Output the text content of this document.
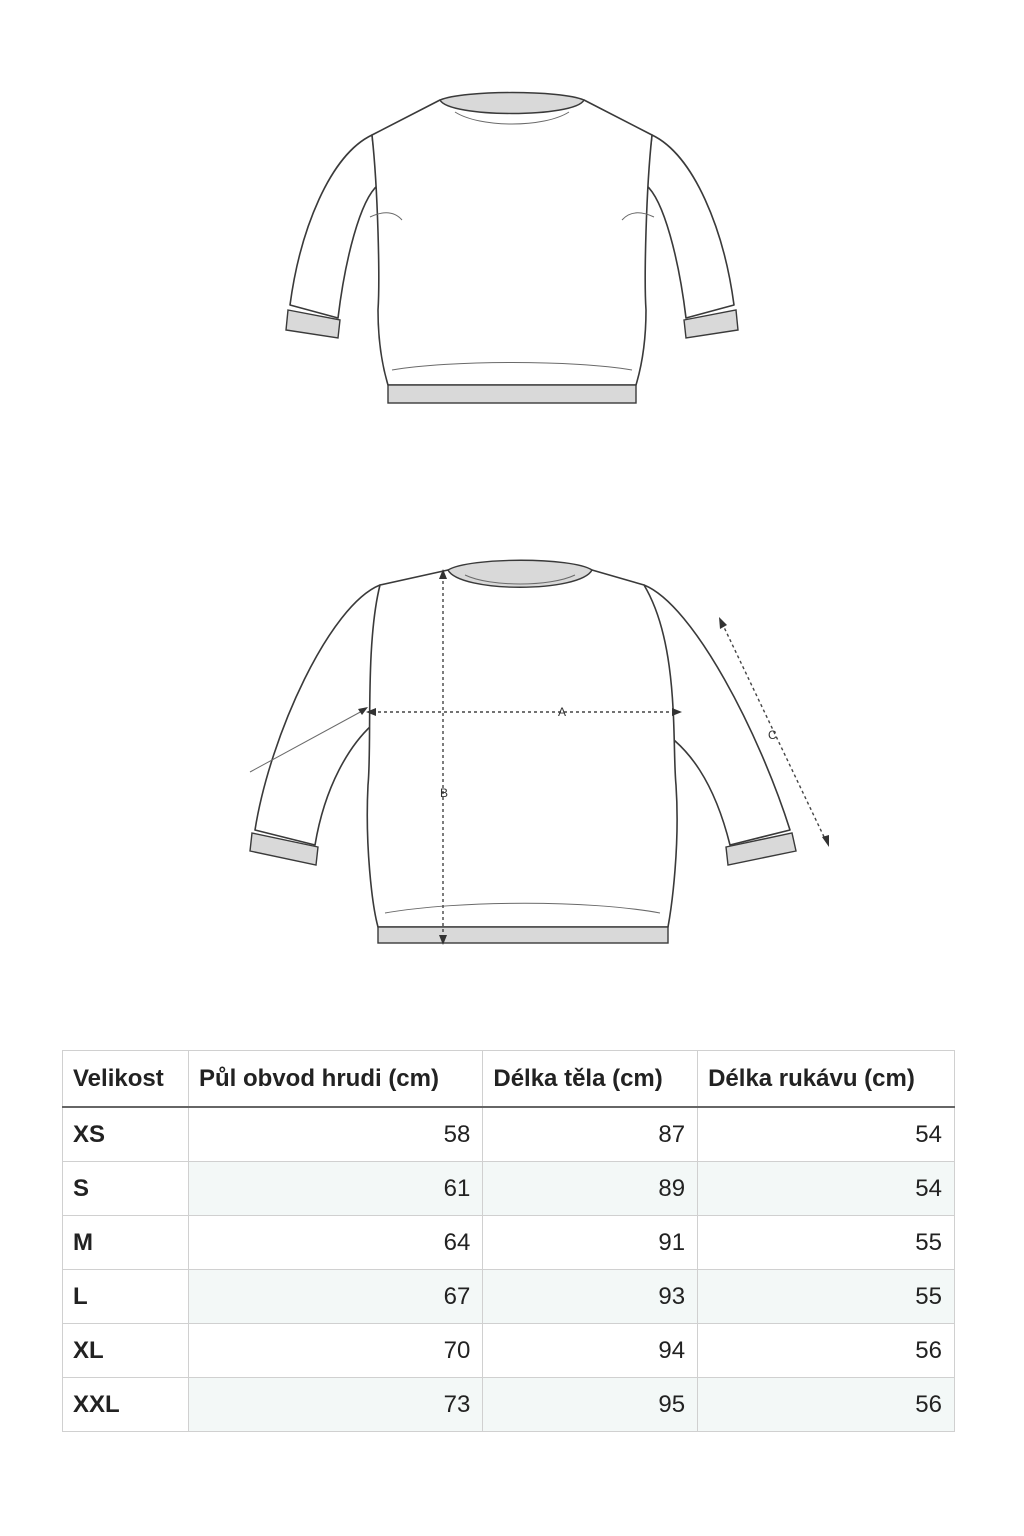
A
B
C
Velikost	Půl obvod hrudi (cm)	Délka těla (cm)	Délka rukávu (cm)
XS	58	87	54
S	61	89	54
M	64	91	55
L	67	93	55
XL	70	94	56
XXL	73	95	56
